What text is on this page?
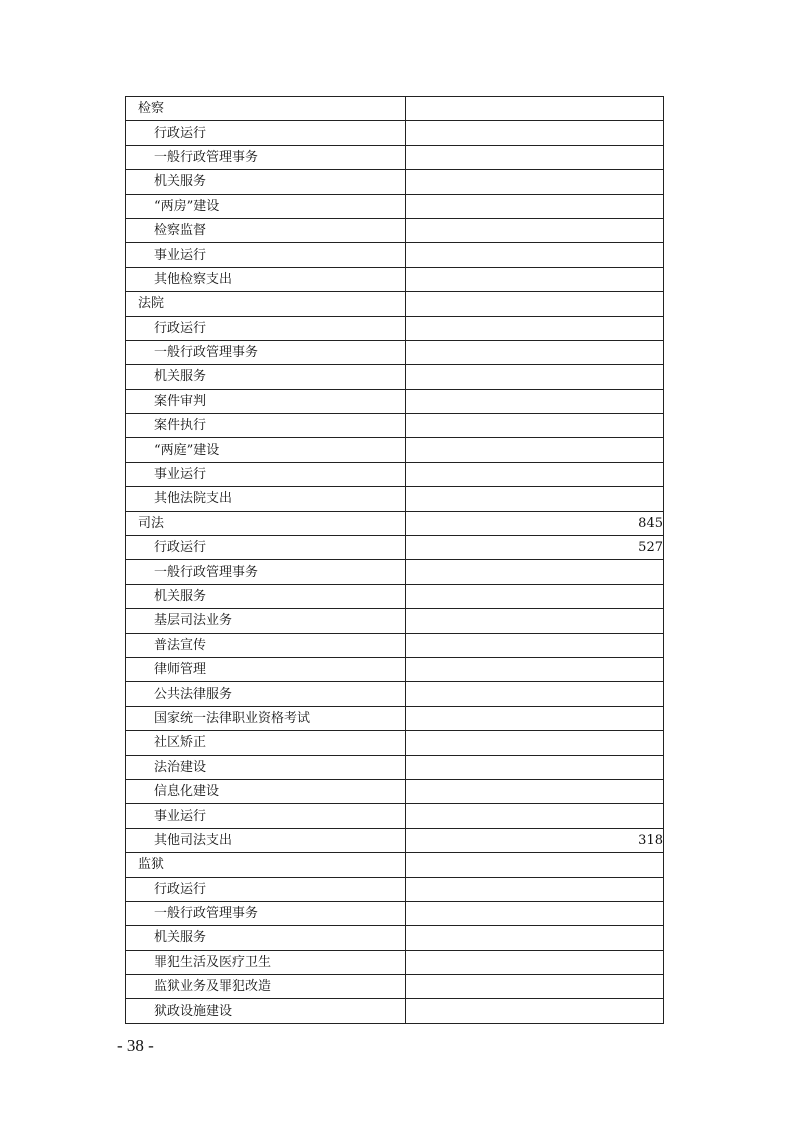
检察	
行政运行	
一般行政管理事务	
机关服务	
“两房”建设	
检察监督	
事业运行	
其他检察支出	
法院	
行政运行	
一般行政管理事务	
机关服务	
案件审判	
案件执行	
“两庭”建设	
事业运行	
其他法院支出	
司法	845
行政运行	527
一般行政管理事务	
机关服务	
基层司法业务	
普法宣传	
律师管理	
公共法律服务	
国家统一法律职业资格考试	
社区矫正	
法治建设	
信息化建设	
事业运行	
其他司法支出	318
监狱	
行政运行	
一般行政管理事务	
机关服务	
罪犯生活及医疗卫生	
监狱业务及罪犯改造	
狱政设施建设	
- 38 -
